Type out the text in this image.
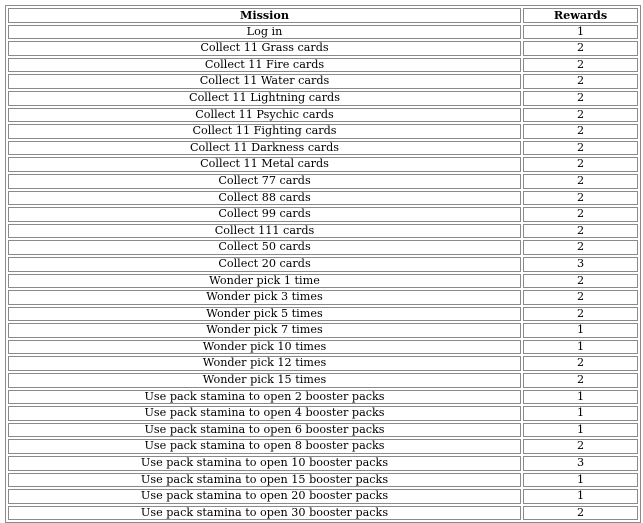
Mission	Rewards
Log in	1
Collect 11 Grass cards	2
Collect 11 Fire cards	2
Collect 11 Water cards	2
Collect 11 Lightning cards	2
Collect 11 Psychic cards	2
Collect 11 Fighting cards	2
Collect 11 Darkness cards	2
Collect 11 Metal cards	2
Collect 77 cards	2
Collect 88 cards	2
Collect 99 cards	2
Collect 111 cards	2
Collect 50 cards	2
Collect 20 cards	3
Wonder pick 1 time	2
Wonder pick 3 times	2
Wonder pick 5 times	2
Wonder pick 7 times	1
Wonder pick 10 times	1
Wonder pick 12 times	2
Wonder pick 15 times	2
Use pack stamina to open 2 booster packs	1
Use pack stamina to open 4 booster packs	1
Use pack stamina to open 6 booster packs	1
Use pack stamina to open 8 booster packs	2
Use pack stamina to open 10 booster packs	3
Use pack stamina to open 15 booster packs	1
Use pack stamina to open 20 booster packs	1
Use pack stamina to open 30 booster packs	2
